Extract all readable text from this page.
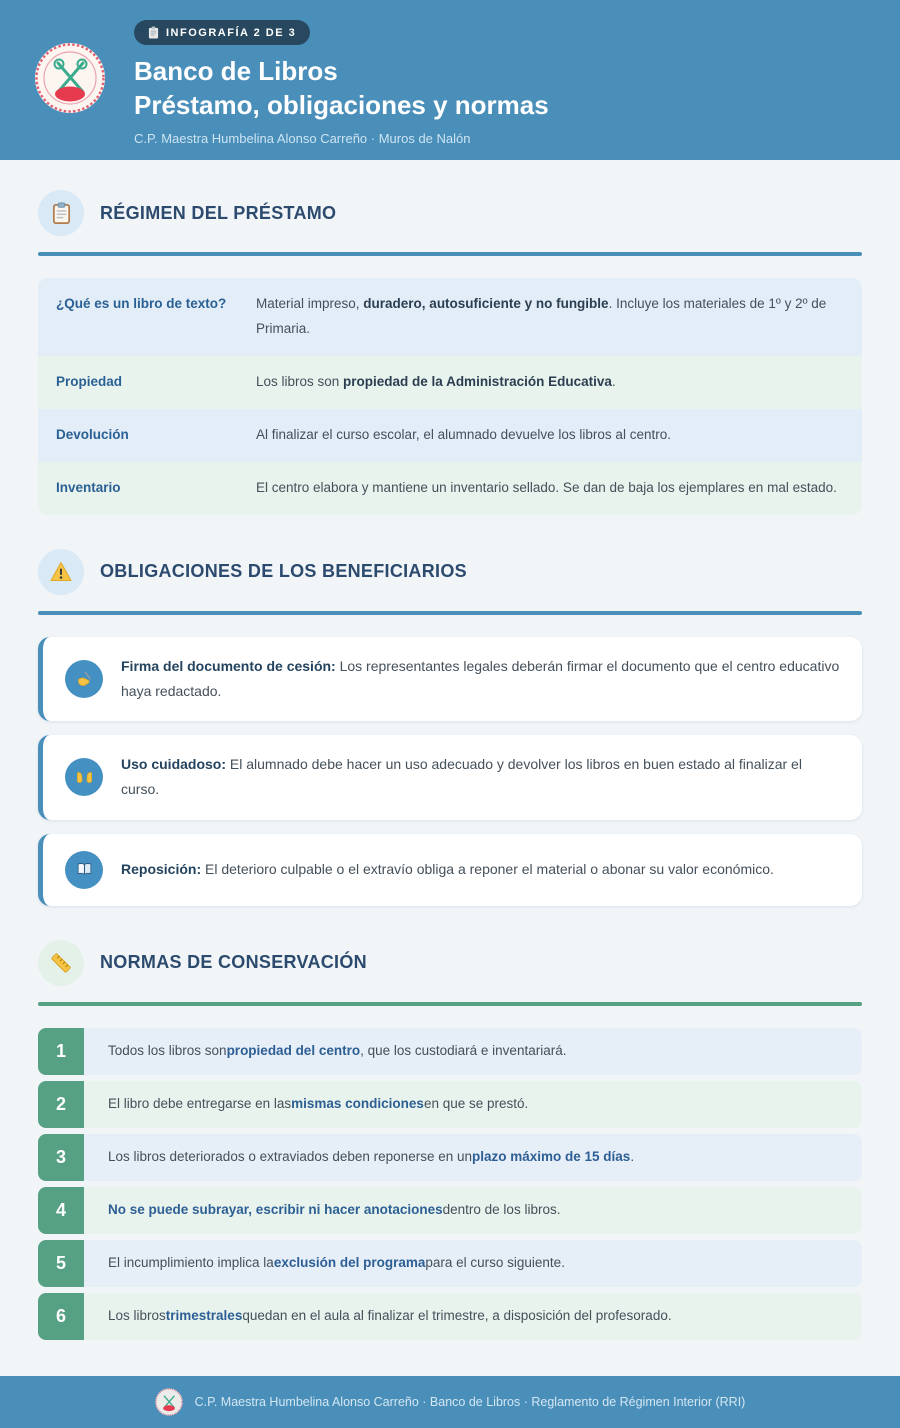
INFOGRAFÍA 2 DE 3
Banco de Libros
Préstamo, obligaciones y normas
C.P. Maestra Humbelina Alonso Carreño · Muros de Nalón
RÉGIMEN DEL PRÉSTAMO
¿Qué es un libro de texto?	Material impreso, duradero, autosuficiente y no fungible. Incluye los materiales de 1º y 2º de Primaria.
Propiedad	Los libros son propiedad de la Administración Educativa.
Devolución	Al finalizar el curso escolar, el alumnado devuelve los libros al centro.
Inventario	El centro elabora y mantiene un inventario sellado. Se dan de baja los ejemplares en mal estado.
OBLIGACIONES DE LOS BENEFICIARIOS
Firma del documento de cesión: Los representantes legales deberán firmar el documento que el centro educativo haya redactado.
Uso cuidadoso: El alumnado debe hacer un uso adecuado y devolver los libros en buen estado al finalizar el curso.
Reposición: El deterioro culpable o el extravío obliga a reponer el material o abonar su valor económico.
NORMAS DE CONSERVACIÓN
1	Todos los libros son propiedad del centro , que los custodiará e inventariará.
2	El libro debe entregarse en las mismas condiciones en que se prestó.
3	Los libros deteriorados o extraviados deben reponerse en un plazo máximo de 15 días .
4	No se puede subrayar, escribir ni hacer anotaciones dentro de los libros.
5	El incumplimiento implica la exclusión del programa para el curso siguiente.
6	Los libros trimestrales quedan en el aula al finalizar el trimestre, a disposición del profesorado.
C.P. Maestra Humbelina Alonso Carreño · Banco de Libros · Reglamento de Régimen Interior (RRI)
